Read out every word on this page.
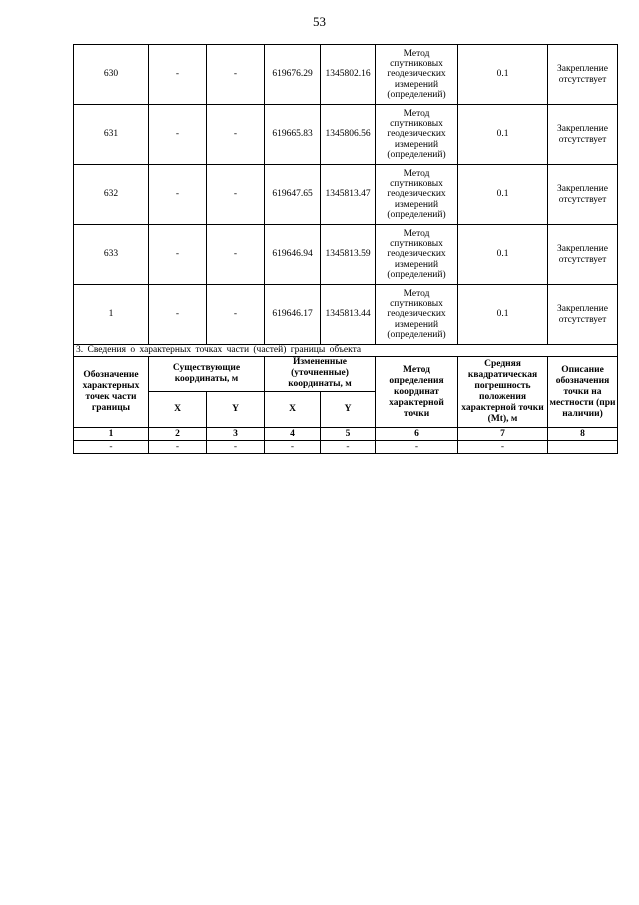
53
630	-	-	619676.29	1345802.16	Метод спутниковых геодезических измерений (определений)	0.1	Закрепление отсутствует
631	-	-	619665.83	1345806.56	Метод спутниковых геодезических измерений (определений)	0.1	Закрепление отсутствует
632	-	-	619647.65	1345813.47	Метод спутниковых геодезических измерений (определений)	0.1	Закрепление отсутствует
633	-	-	619646.94	1345813.59	Метод спутниковых геодезических измерений (определений)	0.1	Закрепление отсутствует
1	-	-	619646.17	1345813.44	Метод спутниковых геодезических измерений (определений)	0.1	Закрепление отсутствует
3. Сведения о характерных точках части (частей) границы объекта							
Обозначение характерных точек части границы	Существующие координаты, м		Измененные (уточненные) координаты, м		Метод определения координат характерной точки	Средняя квадратическая погрешность положения характерной точки (Mt), м	Описание обозначения точки на местности (при наличии)
	X	Y	X	Y			
1	2	3	4	5	6	7	8
-	-	-	-	-	-	-	
